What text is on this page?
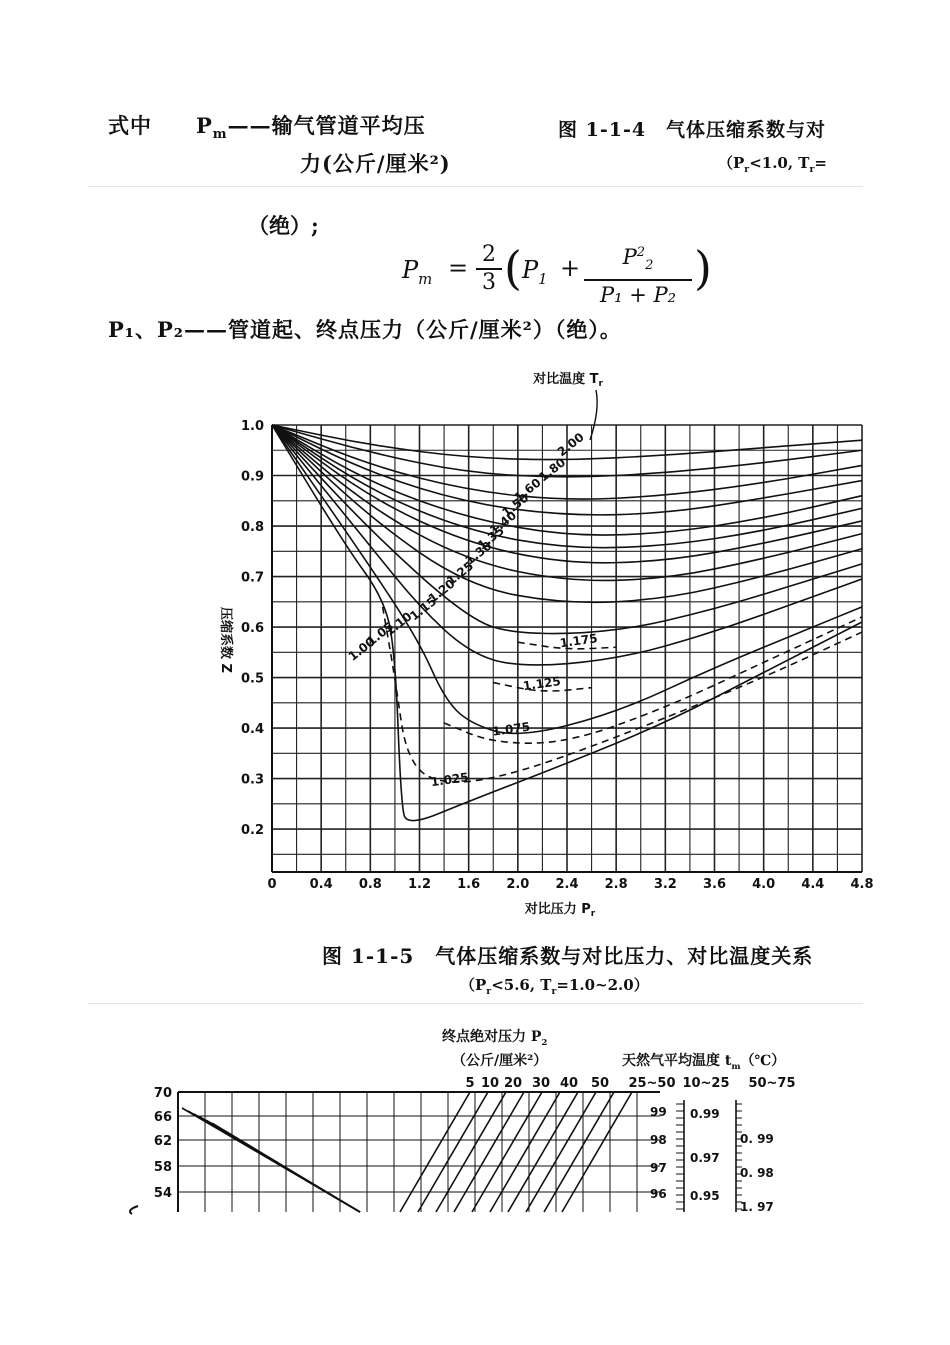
式中　　$P_m——$输气管道平均压
力(公斤/厘米²)
图 1-1-4　气体压缩系数与对
（$P_r<1.0$, $T_r=$
（绝）;
$P_m = \frac{2}{3}$ ( $P_1 + \frac{P^2_2}{\text{P₁ + P₂}}$ )
P₁、P₂——管道起、终点压力（公斤/厘米²）（绝）。
0	0.4 0.8 1.2 1.6 2.0 2.4 2.8 3.2 3.6 4.0 4.4 4.8
1.0
0.9
0.8
0.7
0.6
0.5
0.4
0.3
0.2
对比压力 $P_r$
压缩系数 Z
对比温度 $T_r$
2.00
1.80
1.60
1.50
1.40
1.35
1.30
1.25
1.20
1.15
1.10
1.05
1.00	1.175
1.125
1.075
1.025
图 1-1-5　气体压缩系数与对比压力、对比温度关系
（$P_r<5.6$, $T_r=1.0\sim 2.0$）
70
66
62
58
54
5 10 20 30 40 50 25~50 10~25 50~75
99
98
97
96
0.99
0.97
0.95
0. 99
0. 98
1. 97
终点绝对压力 $P_2$
（公斤/厘米²）	天然气平均温度 $t_m(℃)$
